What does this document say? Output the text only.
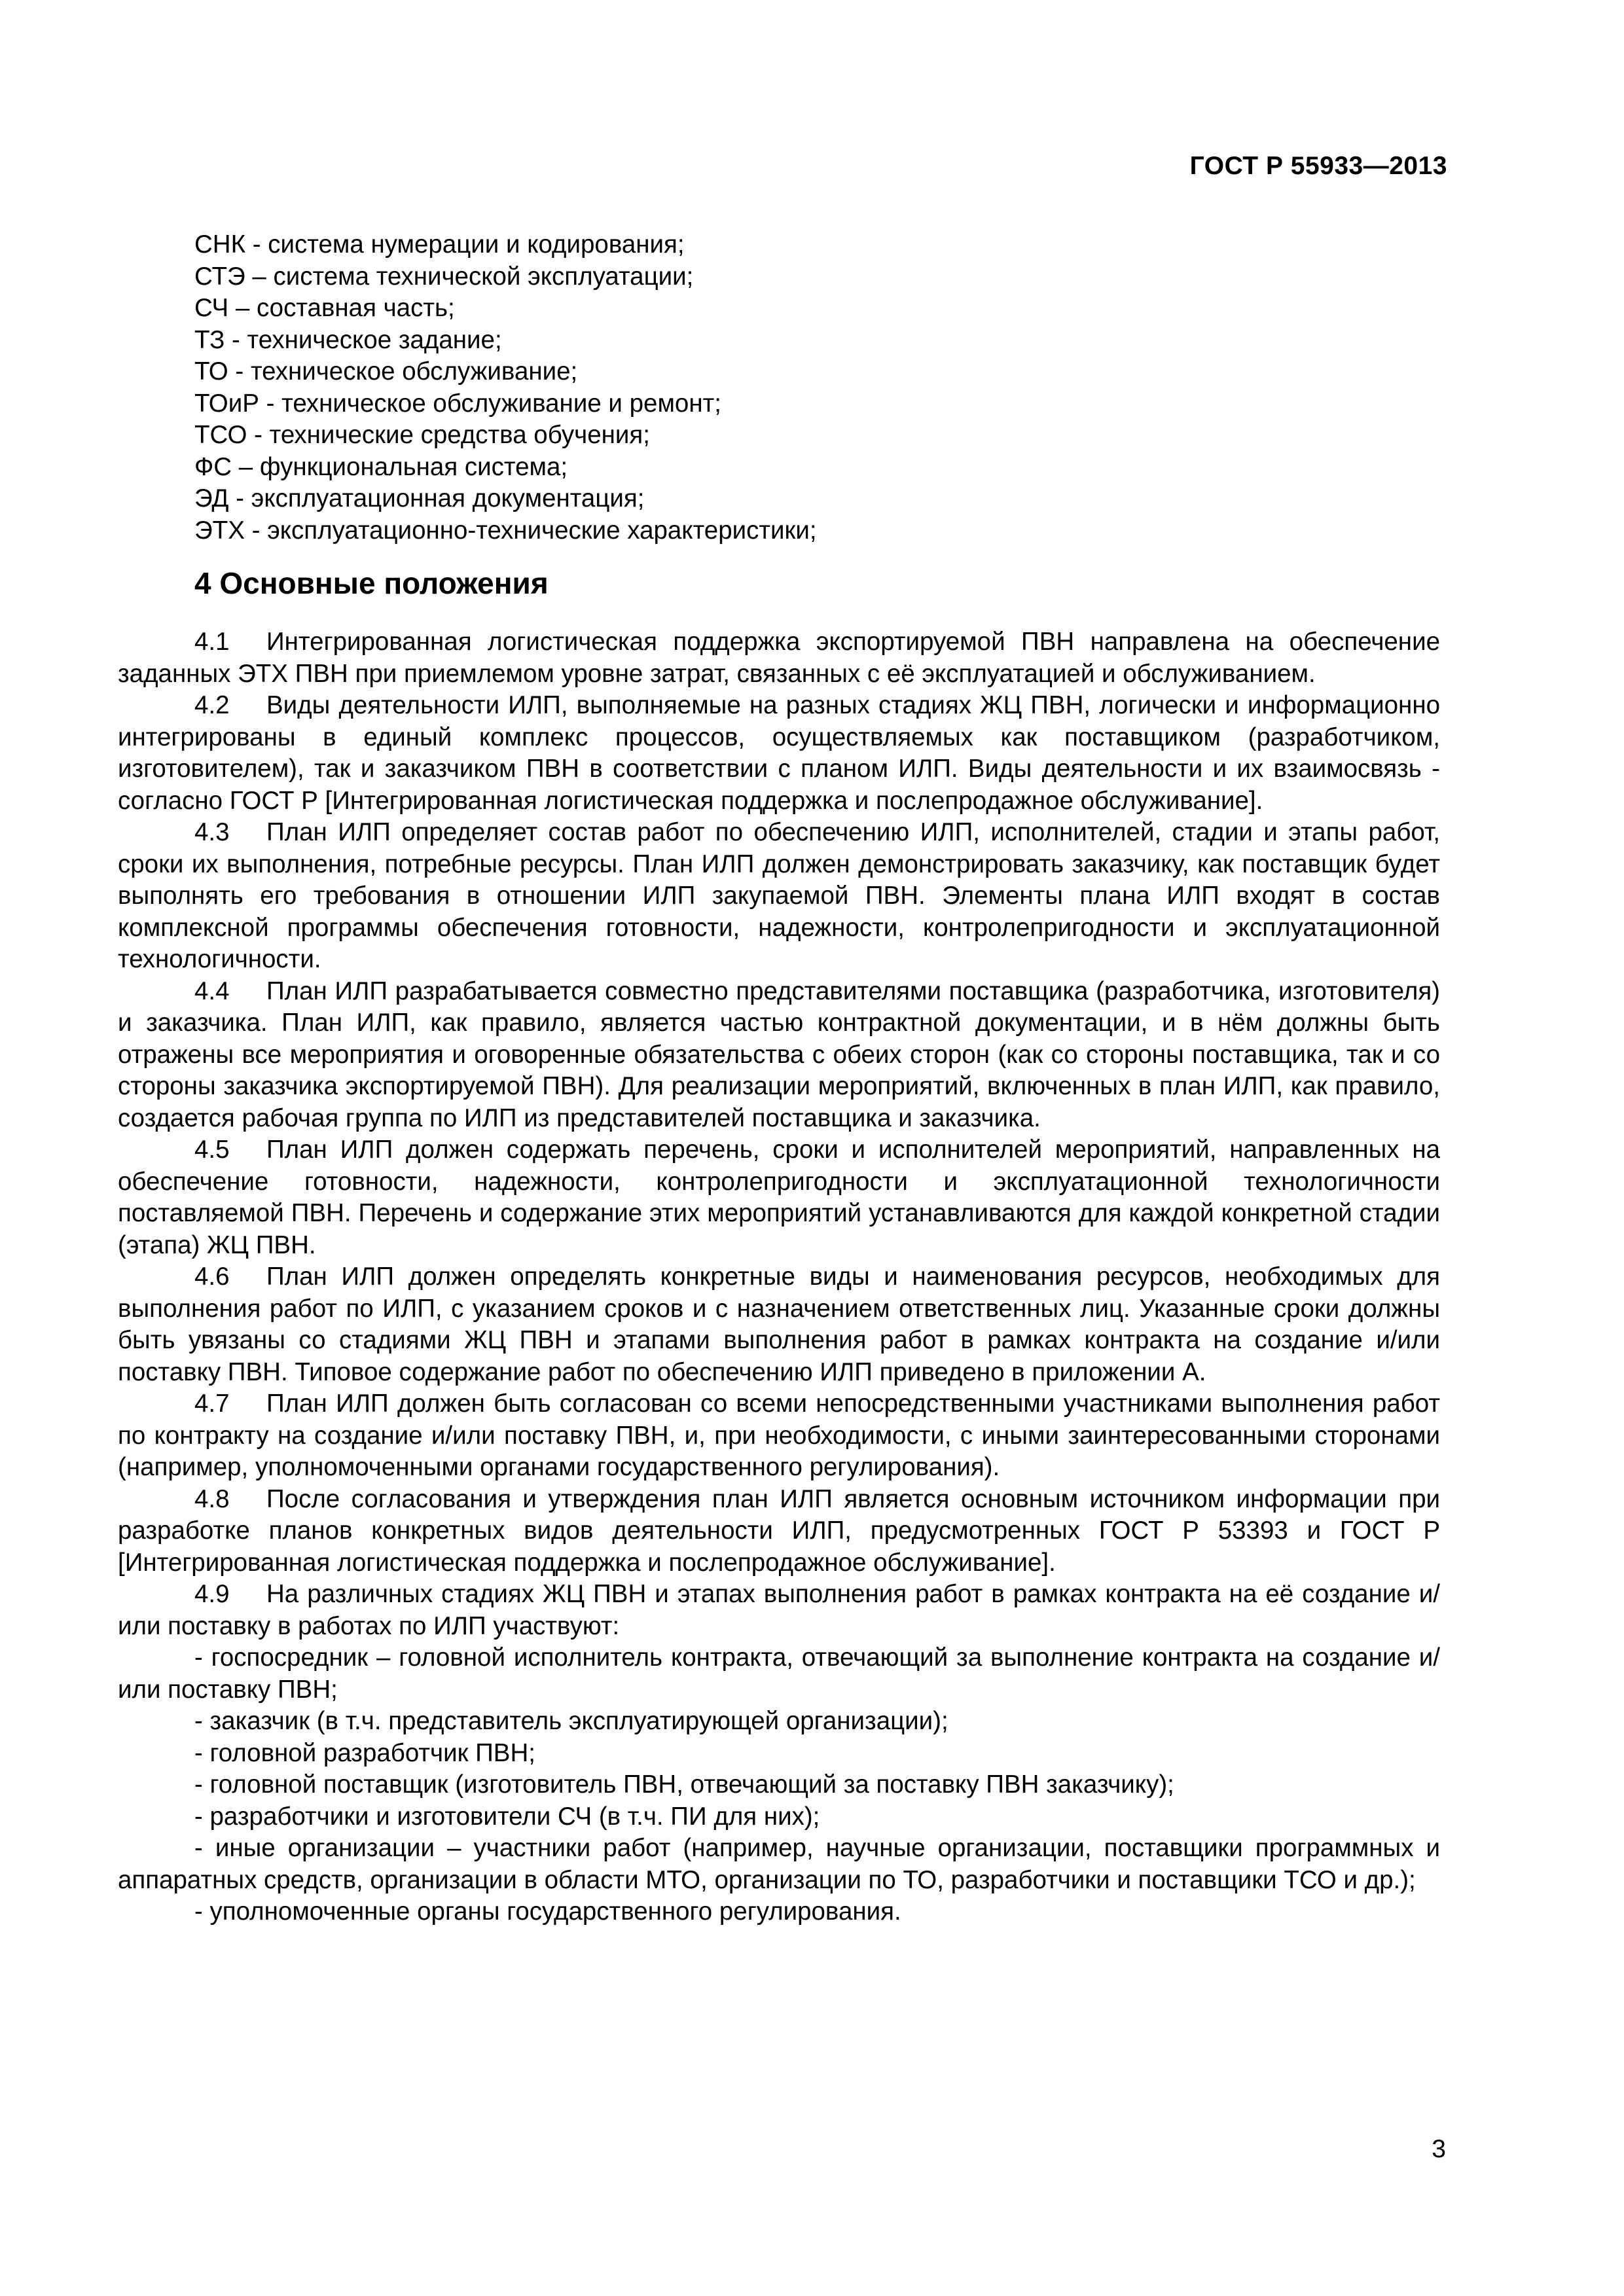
ГОСТ Р 55933—2013
СНК - система нумерации и кодирования;
СТЭ – система технической эксплуатации;
СЧ – составная часть;
ТЗ - техническое задание;
ТО - техническое обслуживание;
ТОиР - техническое обслуживание и ремонт;
ТСО - технические средства обучения;
ФС – функциональная система;
ЭД - эксплуатационная документация;
ЭТХ - эксплуатационно-технические характеристики;
4 Основные положения

4.1 Интегрированная логистическая поддержка экспортируемой ПВН направлена на обеспечение заданных ЭТХ ПВН при приемлемом уровне затрат, связанных с её эксплуатацией и обслуживанием.

4.2 Виды деятельности ИЛП, выполняемые на разных стадиях ЖЦ ПВН, логически и информационно интегрированы в единый комплекс процессов, осуществляемых как поставщиком (разработчиком, изготовителем), так и заказчиком ПВН в соответствии с планом ИЛП. Виды деятельности и их взаимосвязь - согласно ГОСТ Р [Интегрированная логистическая поддержка и послепродажное обслуживание].

4.3 План ИЛП определяет состав работ по обеспечению ИЛП, исполнителей, стадии и этапы работ, сроки их выполнения, потребные ресурсы. План ИЛП должен демонстрировать заказчику, как поставщик будет выполнять его требования в отношении ИЛП закупаемой ПВН. Элементы плана ИЛП входят в состав комплексной программы обеспечения готовности, надежности, контролепригодности и эксплуатационной технологичности.

4.4 План ИЛП разрабатывается совместно представителями поставщика (разработчика, изготовителя) и заказчика. План ИЛП, как правило, является частью контрактной документации, и в нём должны быть отражены все мероприятия и оговоренные обязательства с обеих сторон (как со стороны поставщика, так и со стороны заказчика экспортируемой ПВН). Для реализации мероприятий, включенных в план ИЛП, как правило, создается рабочая группа по ИЛП из представителей поставщика и заказчика.

4.5 План ИЛП должен содержать перечень, сроки и исполнителей мероприятий, направленных на обеспечение готовности, надежности, контролепригодности и эксплуатационной технологичности поставляемой ПВН. Перечень и содержание этих мероприятий устанавливаются для каждой конкретной стадии (этапа) ЖЦ ПВН.

4.6 План ИЛП должен определять конкретные виды и наименования ресурсов, необходимых для выполнения работ по ИЛП, с указанием сроков и с назначением ответственных лиц. Указанные сроки должны быть увязаны со стадиями ЖЦ ПВН и этапами выполнения работ в рамках контракта на создание и/или поставку ПВН. Типовое содержание работ по обеспечению ИЛП приведено в приложении А.

4.7 План ИЛП должен быть согласован со всеми непосредственными участниками выполнения работ по контракту на создание и/или поставку ПВН, и, при необходимости, с иными заинтересованными сторонами (например, уполномоченными органами государственного регулирования).

4.8 После согласования и утверждения план ИЛП является основным источником информации при разработке планов конкретных видов деятельности ИЛП, предусмотренных ГОСТ Р 53393 и ГОСТ Р [Интегрированная логистическая поддержка и послепродажное обслуживание].

4.9 На различных стадиях ЖЦ ПВН и этапах выполнения работ в рамках контракта на её создание и/или поставку в работах по ИЛП участвуют:

- госпосредник – головной исполнитель контракта, отвечающий за выполнение контракта на создание и/или поставку ПВН;

- заказчик (в т.ч. представитель эксплуатирующей организации);

- головной разработчик ПВН;

- головной поставщик (изготовитель ПВН, отвечающий за поставку ПВН заказчику);

- разработчики и изготовители СЧ (в т.ч. ПИ для них);

- иные организации – участники работ (например, научные организации, поставщики программных и аппаратных средств, организации в области МТО, организации по ТО, разработчики и поставщики ТСО и др.);

- уполномоченные органы государственного регулирования.

3
